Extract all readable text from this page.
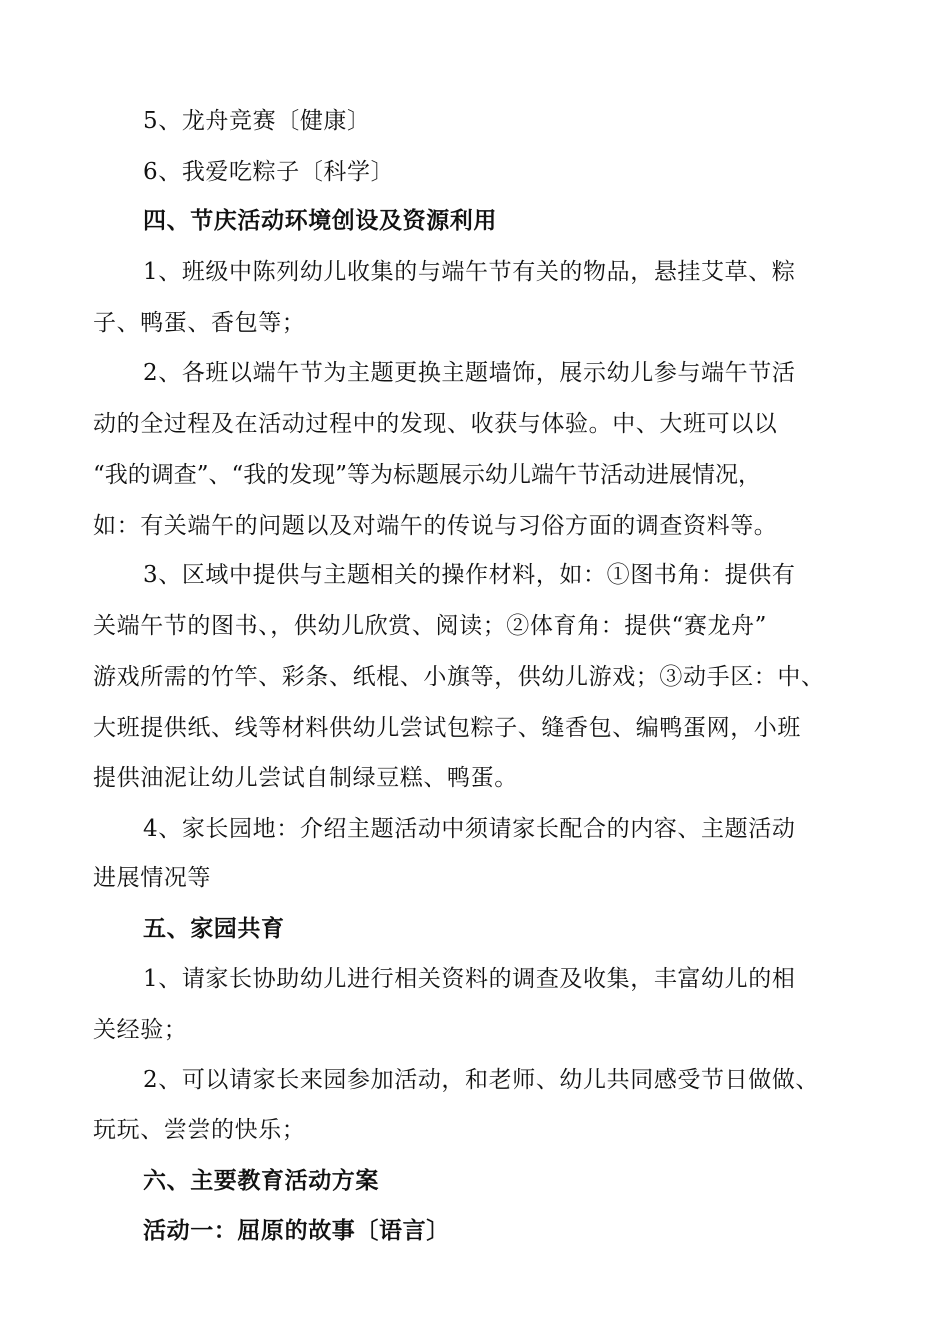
5、龙舟竞赛〔健康〕
6、我爱吃粽子〔科学〕
四、节庆活动环境创设及资源利用
1、班级中陈列幼儿收集的与端午节有关的物品，悬挂艾草、粽
子、鸭蛋、香包等；
2、各班以端午节为主题更换主题墙饰，展示幼儿参与端午节活
动的全过程及在活动过程中的发现、收获与体验。中、大班可以以
“我的调查”、“我的发现”等为标题展示幼儿端午节活动进展情况，
如：有关端午的问题以及对端午的传说与习俗方面的调查资料等。
3、区域中提供与主题相关的操作材料，如：①图书角：提供有
关端午节的图书、，供幼儿欣赏、阅读；②体育角：提供“赛龙舟”
游戏所需的竹竿、彩条、纸棍、小旗等，供幼儿游戏；③动手区：中、
大班提供纸、线等材料供幼儿尝试包粽子、缝香包、编鸭蛋网，小班
提供油泥让幼儿尝试自制绿豆糕、鸭蛋。
4、家长园地：介绍主题活动中须请家长配合的内容、主题活动
进展情况等
五、家园共育
1、请家长协助幼儿进行相关资料的调查及收集，丰富幼儿的相
关经验；
2、可以请家长来园参加活动，和老师、幼儿共同感受节日做做、
玩玩、尝尝的快乐；
六、主要教育活动方案
活动一：屈原的故事〔语言〕
